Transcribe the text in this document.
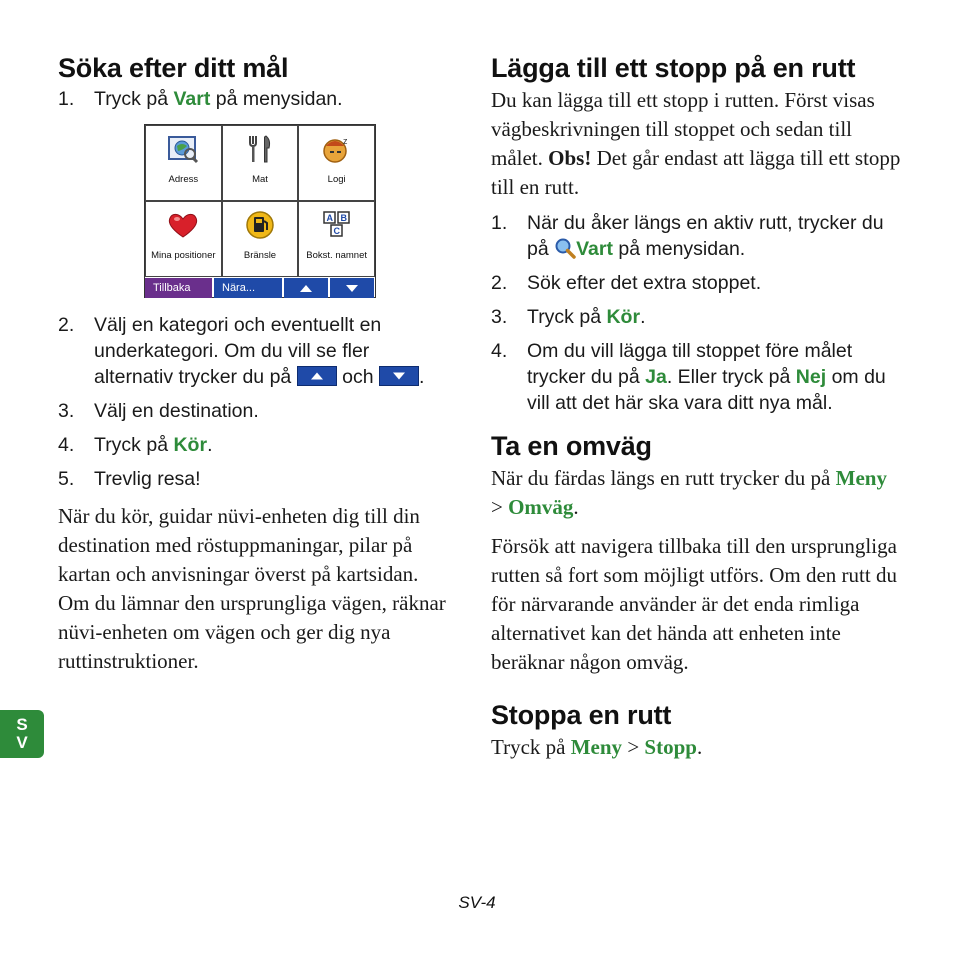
Söka efter ditt mål
1. Tryck på Vart på menysidan.
Adress	Mat
z
Logi
Mina positioner	Bränsle
A B
C
Bokst. namnet
Tillbaka	Nära...
2. Välj en kategori och eventuellt en underkategori. Om du vill se fler alternativ trycker du på
och
.
3. Välj en destination.
4. Tryck på Kör.
5. Trevlig resa!

När du kör, guidar nüvi-enheten dig till din destination med röstuppmaningar, pilar på kartan och anvisningar överst på kartsidan. Om du lämnar den ursprungliga vägen, räknar nüvi-enheten om vägen och ger dig nya ruttinstruktioner.

Lägga till ett stopp på en rutt

Du kan lägga till ett stopp i rutten. Först visas vägbeskrivningen till stoppet och sedan till målet. Obs! Det går endast att lägga till ett stopp till en rutt.

1. När du åker längs en aktiv rutt, trycker du på Vart på menysidan.
2. Sök efter det extra stoppet.
3. Tryck på Kör.
4. Om du vill lägga till stoppet före målet trycker du på Ja. Eller tryck på Nej om du vill att det här ska vara ditt nya mål.
Ta en omväg

När du färdas längs en rutt trycker du på Meny > Omväg.

Försök att navigera tillbaka till den ursprungliga rutten så fort som möjligt utförs. Om den rutt du för närvarande använder är det enda rimliga alternativet kan det hända att enheten inte beräknar någon omväg.

Stoppa en rutt

Tryck på Meny > Stopp.

S
V
SV-4
